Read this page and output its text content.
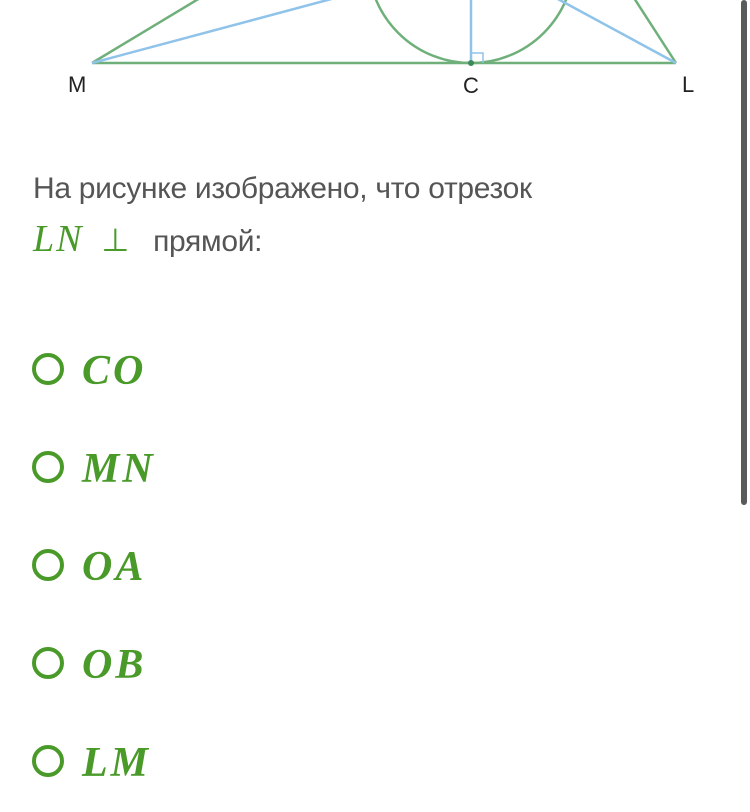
M	C	L
На рисунке изображено, что отрезок
LN ⊥ прямой:
CO
MN
OA
OB
LM
